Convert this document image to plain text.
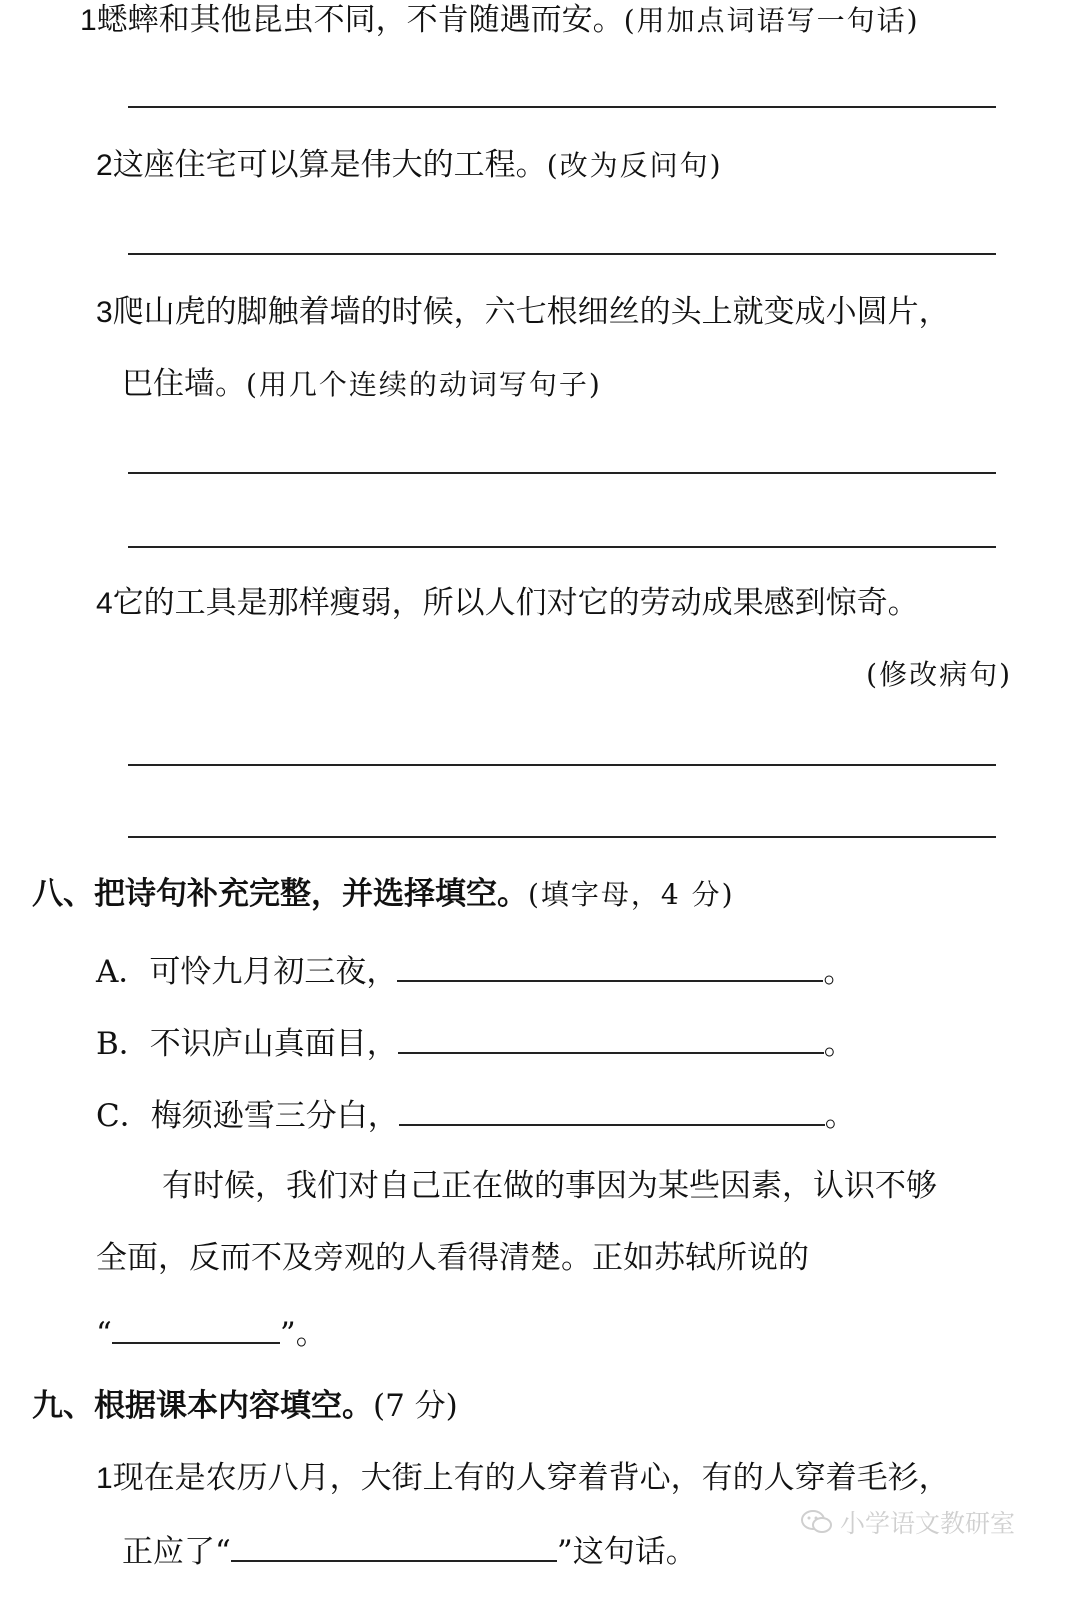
1蟋蟀和其他昆虫不同，不肯随遇而安。(用加点词语写一句话)
2这座住宅可以算是伟大的工程。(改为反问句)
3爬山虎的脚触着墙的时候，六七根细丝的头上就变成小圆片，
巴住墙。(用几个连续的动词写句子)
4它的工具是那样瘦弱，所以人们对它的劳动成果感到惊奇。
(修改病句)
八、把诗句补充完整，并选择填空。(填字母，4 分)
A．可怜九月初三夜，	。
B．不识庐山真面目，	。
C．梅须逊雪三分白，	。
有时候，我们对自己正在做的事因为某些因素，认识不够
全面，反而不及旁观的人看得清楚。正如苏轼所说的
“	”。
九、根据课本内容填空。(7 分)
1现在是农历八月，大街上有的人穿着背心，有的人穿着毛衫，
正应了“	”这句话。
小学语文教研室
